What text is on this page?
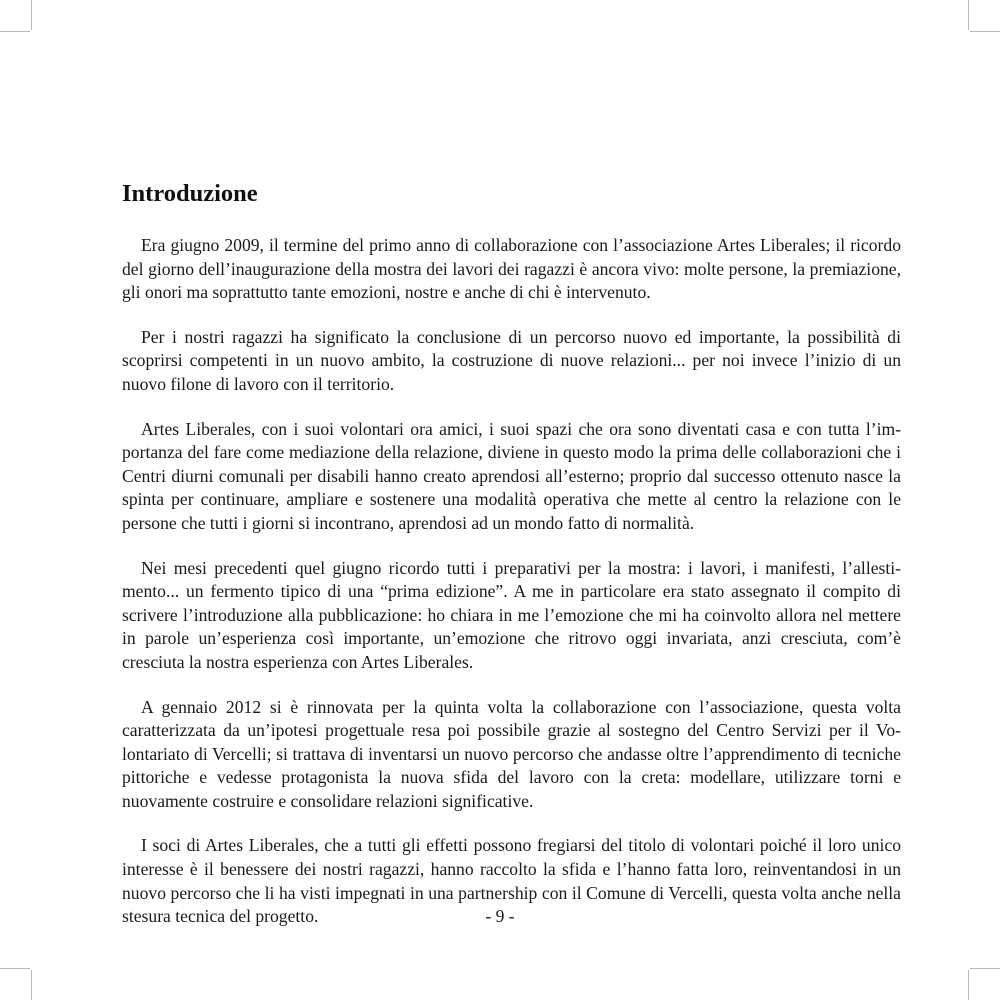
Introduzione

Era giugno 2009, il termine del primo anno di collaborazione con l’associazione Artes Liberales; il ricordo del giorno dell’inaugurazione della mostra dei lavori dei ragazzi è ancora vivo: molte persone, la premiazione, gli onori ma soprattutto tante emozioni, nostre e anche di chi è intervenuto.

Per i nostri ragazzi ha significato la conclusione di un percorso nuovo ed importante, la possibilità di scoprirsi competenti in un nuovo ambito, la costruzione di nuove relazioni... per noi invece l’inizio di un nuovo filone di lavoro con il territorio.

Artes Liberales, con i suoi volontari ora amici, i suoi spazi che ora sono diventati casa e con tutta l’importanza del fare come mediazione della relazione, diviene in questo modo la prima delle collaborazioni che i Centri diurni comunali per disabili hanno creato aprendosi all’esterno; proprio dal successo ottenuto nasce la spinta per continuare, ampliare e sostenere una modalità operativa che mette al centro la relazione con le persone che tutti i giorni si incontrano, aprendosi ad un mondo fatto di normalità.

Nei mesi precedenti quel giugno ricordo tutti i preparativi per la mostra: i lavori, i manifesti, l’allestimento... un fermento tipico di una “prima edizione”. A me in particolare era stato assegnato il compito di scrivere l’introduzione alla pubblicazione: ho chiara in me l’emozione che mi ha coinvolto allora nel mettere in parole un’esperienza così importante, un’emozione che ritrovo oggi invariata, anzi cresciuta, com’è cresciuta la nostra esperienza con Artes Liberales.

A gennaio 2012 si è rinnovata per la quinta volta la collaborazione con l’associazione, questa volta caratterizzata da un’ipotesi progettuale resa poi possibile grazie al sostegno del Centro Servizi per il Volontariato di Vercelli; si trattava di inventarsi un nuovo percorso che andasse oltre l’apprendimento di tecniche pittoriche e vedesse protagonista la nuova sfida del lavoro con la creta: modellare, utilizzare torni e nuovamente costruire e consolidare relazioni significative.

I soci di Artes Liberales, che a tutti gli effetti possono fregiarsi del titolo di volontari poiché il loro unico interesse è il benessere dei nostri ragazzi, hanno raccolto la sfida e l’hanno fatta loro, reinventandosi in un nuovo percorso che li ha visti impegnati in una partnership con il Comune di Vercelli, questa volta anche nella stesura tecnica del progetto.	- 9 -
